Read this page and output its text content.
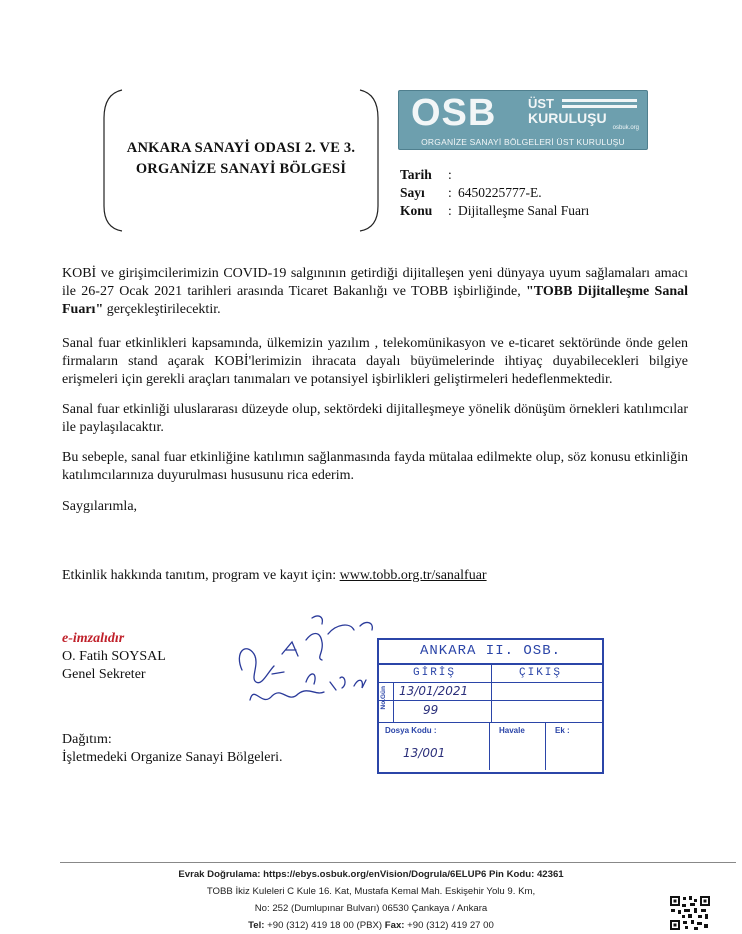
ANKARA SANAYİ ODASI 2. VE 3.
ORGANİZE SANAYİ BÖLGESİ
OSB ÜST
KURULUŞU
osbuk.org
ORGANİZE SANAYİ BÖLGELERİ ÜST KURULUŞU
Tarih	:
Sayı	: 6450225777-E.
Konu	: Dijitalleşme Sanal Fuarı
KOBİ ve girişimcilerimizin COVID-19 salgınının getirdiği dijitalleşen yeni dünyaya uyum sağlamaları amacı ile 26-27 Ocak 2021 tarihleri arasında Ticaret Bakanlığı ve TOBB işbirliğinde, "TOBB Dijitalleşme Sanal Fuarı" gerçekleştirilecektir.
Sanal fuar etkinlikleri kapsamında, ülkemizin yazılım , telekomünikasyon ve e-ticaret sektöründe önde gelen firmaların stand açarak KOBİ'lerimizin ihracata dayalı büyümelerinde ihtiyaç duyabilecekleri bilgiye erişmeleri için gerekli araçları tanımaları ve potansiyel işbirlikleri geliştirmeleri hedeflenmektedir.
Sanal fuar etkinliği uluslararası düzeyde olup, sektördeki dijitalleşmeye yönelik dönüşüm örnekleri katılımcılar ile paylaşılacaktır.
Bu sebeple, sanal fuar etkinliğine katılımın sağlanmasında fayda mütalaa edilmekte olup, söz konusu etkinliğin katılımcılarınıza duyurulması hususunu rica ederim.
Saygılarımla,
Etkinlik hakkında tanıtım, program ve kayıt için: www.tobb.org.tr/sanalfuar
e-imzalıdır
O. Fatih SOYSAL
Genel Sekreter
Dağıtım:
İşletmedeki Organize Sanayi Bölgeleri.
ANKARA II. OSB.
GİRİŞ	ÇIKIŞ
No.Gün 13/01/2021
99
Dosya Kodu :	Havale	Ek :
13/001
Evrak Doğrulama: https://ebys.osbuk.org/enVision/Dogrula/6ELUP6 Pin Kodu: 42361
TOBB İkiz Kuleleri C Kule 16. Kat, Mustafa Kemal Mah. Eskişehir Yolu 9. Km,
No: 252 (Dumlupınar Bulvarı) 06530 Çankaya / Ankara
Tel: +90 (312) 419 18 00 (PBX) Fax: +90 (312) 419 27 00
